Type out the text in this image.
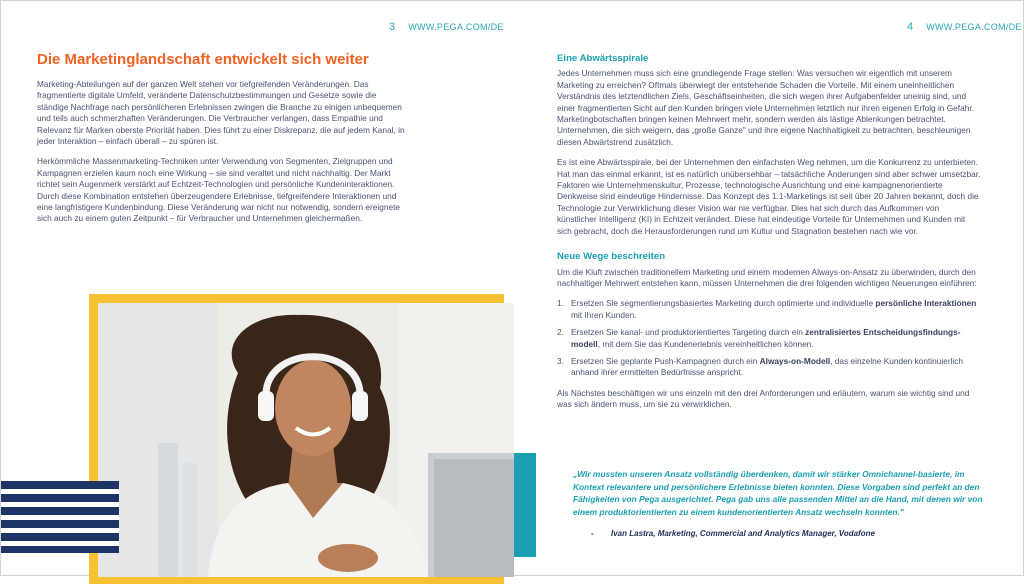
3 WWW.PEGA.COM/DE	4 WWW.PEGA.COM/DE
Die Marketinglandschaft entwickelt sich weiter

Marketing-Abteilungen auf der ganzen Welt stehen vor tiefgreifenden Veränderungen. Das fragmentierte digitale Umfeld, veränderte Datenschutzbestimmungen und Gesetze sowie die ständige Nachfrage nach persönlicheren Erlebnissen zwingen die Branche zu einigen unbequemen und teils auch schmerzhaften Veränderungen. Die Verbraucher verlangen, dass Empathie und Relevanz für Marken oberste Priorität haben. Dies führt zu einer Diskrepanz, die auf jedem Kanal, in jeder Interaktion – einfach überall – zu spüren ist.

Herkömmliche Massenmarketing-Techniken unter Verwendung von Segmenten, Zielgruppen und Kampagnen erzielen kaum noch eine Wirkung – sie sind veraltet und nicht nachhaltig. Der Markt richtet sein Augenmerk verstärkt auf Echtzeit-Technologien und persönliche Kundeninteraktionen. Durch diese Kombination entstehen überzeugendere Erlebnisse, tiefgreifendere Interaktionen und eine langfristigere Kundenbindung. Diese Veränderung war nicht nur notwendig, sondern ereignete sich auch zu einem guten Zeitpunkt – für Verbraucher und Unternehmen gleichermaßen.

Eine Abwärtsspirale

Jedes Unternehmen muss sich eine grundlegende Frage stellen: Was versuchen wir eigentlich mit unserem Marketing zu erreichen? Oftmals überwiegt der entstehende Schaden die Vorteile. Mit einem uneinheitlichen Verständnis des letztendlichen Ziels, Geschäftseinheiten, die sich wegen ihrer Aufgabenfelder uneinig sind, und einer fragmentierten Sicht auf den Kunden bringen viele Unternehmen letztlich nur ihren eigenen Erfolg in Gefahr. Marketingbotschaften bringen keinen Mehrwert mehr, sondern werden als lästige Ablenkungen betrachtet. Unternehmen, die sich weigern, das „große Ganze" und ihre eigene Nachhaltigkeit zu betrachten, beschleunigen diesen Abwärtstrend zusätzlich.

Es ist eine Abwärtsspirale, bei der Unternehmen den einfachsten Weg nehmen, um die Konkurrenz zu unterbieten. Hat man das einmal erkannt, ist es natürlich unübersehbar – tatsächliche Änderungen sind aber schwer umsetzbar. Faktoren wie Unternehmenskultur, Prozesse, technologische Ausrichtung und eine kampagnenorientierte Denkweise sind eindeutige Hindernisse. Das Konzept des 1:1-Marketings ist seit über 20 Jahren bekannt, doch die Technologie zur Verwirklichung dieser Vision war nie verfügbar. Dies hat sich durch das Aufkommen von künstlicher Intelligenz (KI) in Echtzeit verändert. Diese hat eindeutige Vorteile für Unternehmen und Kunden mit sich gebracht, doch die Herausforderungen rund um Kultur und Stagnation bestehen nach wie vor.

Neue Wege beschreiten

Um die Kluft zwischen traditionellem Marketing und einem modernen Always-on-Ansatz zu überwinden, durch den nachhaltiger Mehrwert entstehen kann, müssen Unternehmen die drei folgenden wichtigen Neuerungen einführen:

1. Ersetzen Sie segmentierungsbasiertes Marketing durch optimierte und individuelle persönliche Interaktionen mit Ihren Kunden.
2. Ersetzen Sie kanal- und produktorientiertes Targeting durch ein zentralisiertes Entscheidungsfindungs-modell, mit dem Sie das Kundenerlebnis vereinheitlichen können.
3. Ersetzen Sie geplante Push-Kampagnen durch ein Always-on-Modell, das einzelne Kunden kontinuierlich anhand ihrer ermittelten Bedürfnisse anspricht.

Als Nächstes beschäftigen wir uns einzeln mit den drei Anforderungen und erläutern, warum sie wichtig sind und was sich ändern muss, um sie zu verwirklichen.

„Wir mussten unseren Ansatz vollständig überdenken, damit wir stärker Omnichannel-basierte, im Kontext relevantere und persönlichere Erlebnisse bieten konnten. Diese Vorgaben sind perfekt an den Fähigkeiten von Pega ausgerichtet. Pega gab uns alle passenden Mittel an die Hand, mit denen wir von einem produktorientierten zu einem kundenorientierten Ansatz wechseln konnten."

- Ivan Lastra, Marketing, Commercial and Analytics Manager, Vodafone
